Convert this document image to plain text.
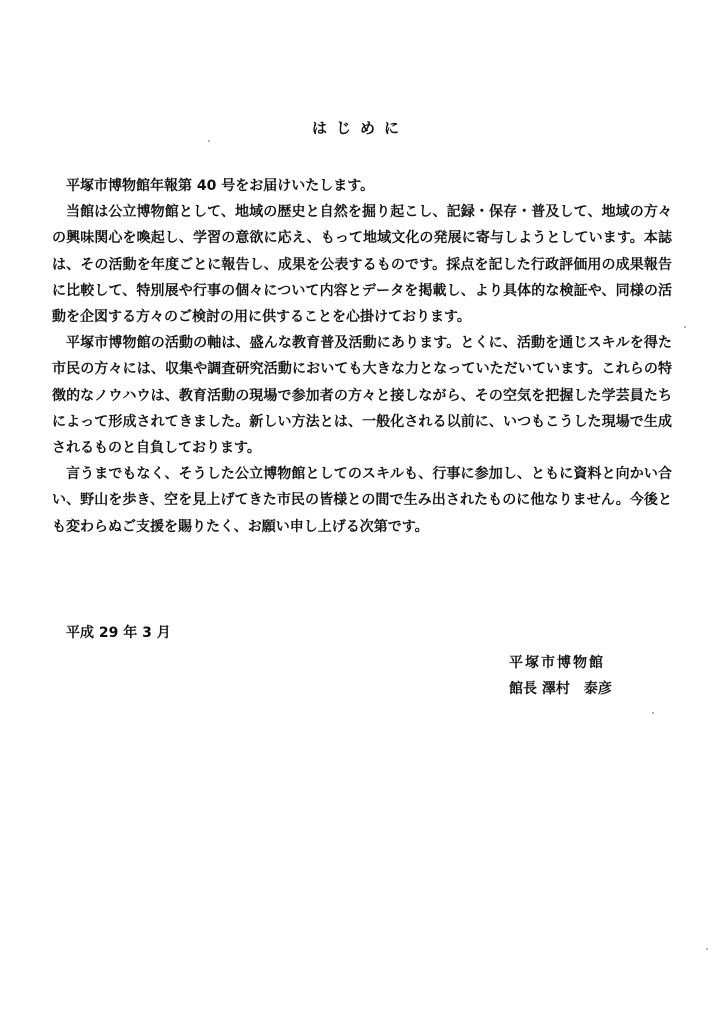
はじめに

平塚市博物館年報第 40 号をお届けいたします。

当館は公立博物館として、地域の歴史と自然を掘り起こし、記録・保存・普及して、地域の方々の興味関心を喚起し、学習の意欲に応え、もって地域文化の発展に寄与しようとしています。本誌は、その活動を年度ごとに報告し、成果を公表するものです。採点を記した行政評価用の成果報告に比較して、特別展や行事の個々について内容とデータを掲載し、より具体的な検証や、同様の活動を企図する方々のご検討の用に供することを心掛けております。

平塚市博物館の活動の軸は、盛んな教育普及活動にあります。とくに、活動を通じスキルを得た市民の方々には、収集や調査研究活動においても大きな力となっていただいています。これらの特徴的なノウハウは、教育活動の現場で参加者の方々と接しながら、その空気を把握した学芸員たちによって形成されてきました。新しい方法とは、一般化される以前に、いつもこうした現場で生成されるものと自負しております。

言うまでもなく、そうした公立博物館としてのスキルも、行事に参加し、ともに資料と向かい合い、野山を歩き、空を見上げてきた市民の皆様との間で生み出されたものに他なりません。今後とも変わらぬご支援を賜りたく、お願い申し上げる次第です。

平成 29 年 3 月
平塚市博物館
館長 澤村　泰彦
